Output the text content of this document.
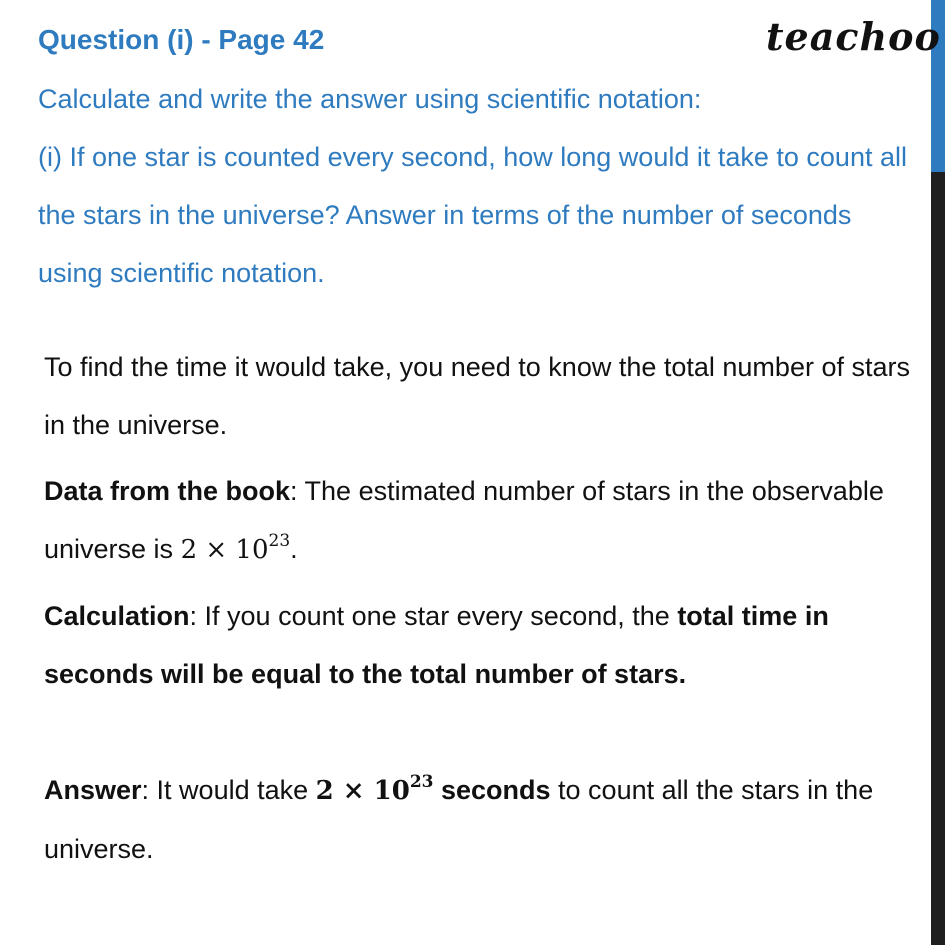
Question (i) - Page 42	teachoo

Calculate and write the answer using scientific notation:

(i) If one star is counted every second, how long would it take to count all the stars in the universe? Answer in terms of the number of seconds using scientific notation.

To find the time it would take, you need to know the total number of stars in the universe.

Data from the book: The estimated number of stars in the observable universe is $2 \times 10^{23}$.

Calculation: If you count one star every second, the total time in seconds will be equal to the total number of stars.

Answer: It would take $2 \times 10^{23}$ seconds to count all the stars in the universe.
